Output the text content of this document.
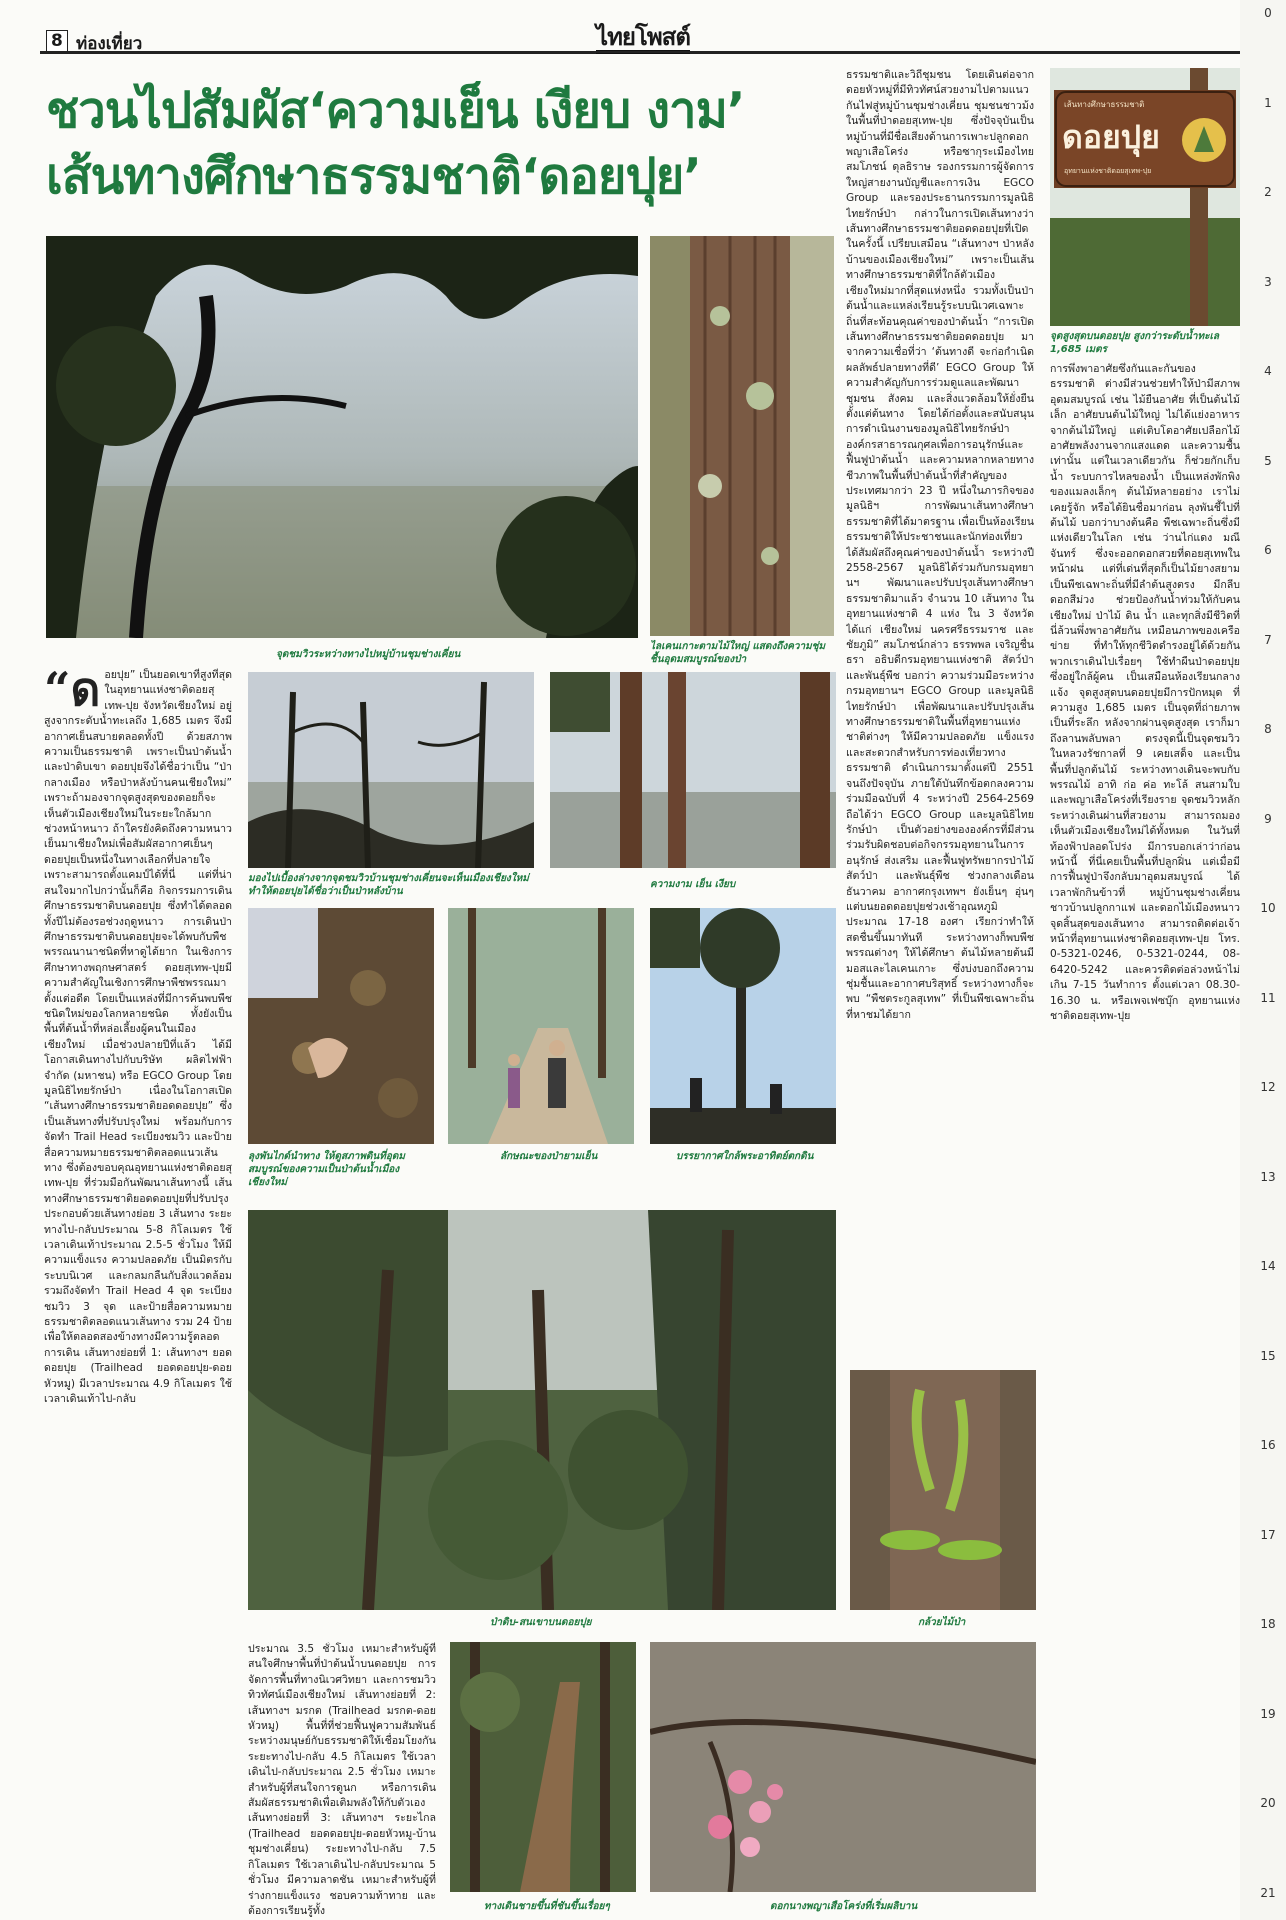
8 ท่องเที่ยว	ไทยโพสต์
ชวนไปสัมผัส‘ความเย็น เงียบ งาม’
เส้นทางศึกษาธรรมชาติ‘ดอยปุย’
จุดชมวิวระหว่างทางไปหมู่บ้านชุมช่างเคี่ยน
ไลเคนเกาะตามไม้ใหญ่ แสดงถึงความชุ่มชื้นอุดมสมบูรณ์ของป่า
เส้นทางศึกษาธรรมชาติ
ดอยปุย
อุทยานแห่งชาติดอยสุเทพ-ปุย
จุดสูงสุดบนดอยปุย สูงกว่าระดับน้ำทะเล 1,685 เมตร
มองไปเบื้องล่างจากจุดชมวิวบ้านชุมช่างเคี่ยนจะเห็นเมืองเชียงใหม่ ทำให้ดอยปุยได้ชื่อว่าเป็นป่าหลังบ้าน
ความงาม เย็น เงียบ
ลุงพันไกด์นำทาง ให้ดูสภาพดินที่อุดมสมบูรณ์ของความเป็นป่าต้นน้ำเมืองเชียงใหม่
ลักษณะของป่ายามเย็น	บรรยากาศใกล้พระอาทิตย์ตกดิน
ป่าดิบ-สนเขาบนดอยปุย	กล้วยไม้ป่า
ทางเดินชายขึ้นที่ชันขึ้นเรื่อยๆ	ดอกนางพญาเสือโคร่งที่เริ่มผลิบาน
“ดอยปุย” เป็นยอดเขาที่สูงที่สุดในอุทยานแห่งชาติดอยสุเทพ-ปุย จังหวัดเชียงใหม่ อยู่สูงจากระดับน้ำทะเลถึง 1,685 เมตร จึงมีอากาศเย็นสบายตลอดทั้งปี ด้วยสภาพความเป็นธรรมชาติ เพราะเป็นป่าต้นน้ำ และป่าดิบเขา ดอยปุยจึงได้ชื่อว่าเป็น “ป่ากลางเมือง หรือป่าหลังบ้านคนเชียงใหม่” เพราะถ้ามองจากจุดสูงสุดของดอยก็จะเห็นตัวเมืองเชียงใหม่ในระยะใกล้มาก ช่วงหน้าหนาว ถ้าใครยังคิดถึงความหนาวเย็นมาเชียงใหม่เพื่อสัมผัสอากาศเย็นๆ ดอยปุยเป็นหนึ่งในทางเลือกที่ปลายใจ เพราะสามารถตั้งแคมป์ได้ที่นี่ แต่ที่น่าสนใจมากไปกว่านั้นก็คือ กิจกรรมการเดินศึกษาธรรมชาติบนดอยปุย ซึ่งทำได้ตลอดทั้งปีไม่ต้องรอช่วงฤดูหนาว การเดินป่าศึกษาธรรมชาติบนดอยปุยจะได้พบกับพืชพรรณนานาชนิดที่หาดูได้ยาก ในเชิงการศึกษาทางพฤกษศาสตร์ ดอยสุเทพ-ปุยมีความสำคัญในเชิงการศึกษาพืชพรรณมาตั้งแต่อดีต โดยเป็นแหล่งที่มีการค้นพบพืชชนิดใหม่ของโลกหลายชนิด ทั้งยังเป็นพื้นที่ต้นน้ำที่หล่อเลี้ยงผู้คนในเมืองเชียงใหม่ เมื่อช่วงปลายปีที่แล้ว ได้มีโอกาสเดินทางไปกับบริษัท ผลิตไฟฟ้า จำกัด (มหาชน) หรือ EGCO Group โดย มูลนิธิไทยรักษ์ป่า เนื่องในโอกาสเปิด “เส้นทางศึกษาธรรมชาติยอดดอยปุย” ซึ่งเป็นเส้นทางที่ปรับปรุงใหม่ พร้อมกับการจัดทำ Trail Head ระเบียงชมวิว และป้ายสื่อความหมายธรรมชาติตลอดแนวเส้นทาง ซึ่งต้องขอบคุณอุทยานแห่งชาติดอยสุเทพ-ปุย ที่ร่วมมือกันพัฒนาเส้นทางนี้ เส้นทางศึกษาธรรมชาติยอดดอยปุยที่ปรับปรุงประกอบด้วยเส้นทางย่อย 3 เส้นทาง ระยะทางไป-กลับประมาณ 5-8 กิโลเมตร ใช้เวลาเดินเท้าประมาณ 2.5-5 ชั่วโมง ให้มีความแข็งแรง ความปลอดภัย เป็นมิตรกับระบบนิเวศ และกลมกลืนกับสิ่งแวดล้อม รวมถึงจัดทำ Trail Head 4 จุด ระเบียงชมวิว 3 จุด และป้ายสื่อความหมายธรรมชาติตลอดแนวเส้นทาง รวม 24 ป้าย เพื่อให้ตลอดสองข้างทางมีความรู้ตลอดการเดิน เส้นทางย่อยที่ 1: เส้นทางฯ ยอดดอยปุย (Trailhead ยอดดอยปุย-ดอยหัวหมู) มีเวลาประมาณ 4.9 กิโลเมตร ใช้เวลาเดินเท้าไป-กลับ
ธรรมชาติและวิถีชุมชน โดยเดินต่อจากดอยหัวหมู่ที่มีทิวทัศน์สวยงามไปตามแนวกันไฟสู่หมู่บ้านชุมช่างเคี่ยน ชุมชนชาวม้งในพื้นที่ป่าดอยสุเทพ-ปุย ซึ่งปัจจุบันเป็นหมู่บ้านที่มีชื่อเสียงด้านการเพาะปลูกดอกพญาเสือโคร่ง หรือซากุระเมืองไทย สมโภชน์ ดุลธิราษ รองกรรมการผู้จัดการใหญ่สายงานบัญชีและการเงิน EGCO Group และรองประธานกรรมการมูลนิธิไทยรักษ์ป่า กล่าวในการเปิดเส้นทางว่า เส้นทางศึกษาธรรมชาติยอดดอยปุยที่เปิดในครั้งนี้ เปรียบเสมือน “เส้นทางฯ ป่าหลังบ้านของเมืองเชียงใหม่” เพราะเป็นเส้นทางศึกษาธรรมชาติที่ใกล้ตัวเมืองเชียงใหม่มากที่สุดแห่งหนึ่ง รวมทั้งเป็นป่าต้นน้ำและแหล่งเรียนรู้ระบบนิเวศเฉพาะถิ่นที่สะท้อนคุณค่าของป่าต้นน้ำ “การเปิดเส้นทางศึกษาธรรมชาติยอดดอยปุย มาจากความเชื่อที่ว่า ‘ต้นทางดี จะก่อกำเนิดผลลัพธ์ปลายทางที่ดี’ EGCO Group ให้ความสำคัญกับการร่วมดูแลและพัฒนาชุมชน สังคม และสิ่งแวดล้อมให้ยั่งยืนตั้งแต่ต้นทาง โดยได้ก่อตั้งและสนับสนุนการดำเนินงานของมูลนิธิไทยรักษ์ป่า องค์กรสาธารณกุศลเพื่อการอนุรักษ์และฟื้นฟูป่าต้นน้ำ และความหลากหลายทางชีวภาพในพื้นที่ป่าต้นน้ำที่สำคัญของประเทศมากว่า 23 ปี หนึ่งในภารกิจของมูลนิธิฯ การพัฒนาเส้นทางศึกษาธรรมชาติที่ได้มาตรฐาน เพื่อเป็นห้องเรียนธรรมชาติให้ประชาชนและนักท่องเที่ยวได้สัมผัสถึงคุณค่าของป่าต้นน้ำ ระหว่างปี 2558-2567 มูลนิธิได้ร่วมกับกรมอุทยานฯ พัฒนาและปรับปรุงเส้นทางศึกษาธรรมชาติมาแล้ว จำนวน 10 เส้นทาง ในอุทยานแห่งชาติ 4 แห่ง ใน 3 จังหวัด ได้แก่ เชียงใหม่ นครศรีธรรมราช และชัยภูมิ” สมโภชน์กล่าว ธรรพพล เจริญชื่นธรา อธิบดีกรมอุทยานแห่งชาติ สัตว์ป่า และพันธุ์พืช บอกว่า ความร่วมมือระหว่าง กรมอุทยานฯ EGCO Group และมูลนิธิไทยรักษ์ป่า เพื่อพัฒนาและปรับปรุงเส้นทางศึกษาธรรมชาติในพื้นที่อุทยานแห่งชาติต่างๆ ให้มีความปลอดภัย แข็งแรง และสะดวกสำหรับการท่องเที่ยวทางธรรมชาติ ดำเนินการมาตั้งแต่ปี 2551 จนถึงปัจจุบัน ภายใต้บันทึกข้อตกลงความร่วมมือฉบับที่ 4 ระหว่างปี 2564-2569 ถือได้ว่า EGCO Group และมูลนิธิไทยรักษ์ป่า เป็นตัวอย่างขององค์กรที่มีส่วนร่วมรับผิดชอบต่อกิจกรรมอุทยานในการอนุรักษ์ ส่งเสริม และฟื้นฟูทรัพยากรป่าไม้ สัตว์ป่า และพันธุ์พืช ช่วงกลางเดือนธันวาคม อากาศกรุงเทพฯ ยังเย็นๆ อุ่นๆ แต่บนยอดดอยปุยช่วงเช้าอุณหภูมิประมาณ 17-18 องศา เรียกว่าทำให้สดชื่นขึ้นมาทันที ระหว่างทางก็พบพืชพรรณต่างๆ ให้ได้ศึกษา ต้นไม้หลายต้นมีมอสและไลเคนเกาะ ซึ่งบ่งบอกถึงความชุ่มชื้นและอากาศบริสุทธิ์ ระหว่างทางก็จะพบ “พืชตระกูลสุเทพ” ที่เป็นพืชเฉพาะถิ่นที่หาชมได้ยาก
ประมาณ 3.5 ชั่วโมง เหมาะสำหรับผู้ที่สนใจศึกษาพื้นที่ป่าต้นน้ำบนดอยปุย การจัดการพื้นที่ทางนิเวศวิทยา และการชมวิวทิวทัศน์เมืองเชียงใหม่ เส้นทางย่อยที่ 2: เส้นทางฯ มรกต (Trailhead มรกต-ดอยหัวหมู) พื้นที่ที่ช่วยฟื้นฟูความสัมพันธ์ระหว่างมนุษย์กับธรรมชาติให้เชื่อมโยงกัน ระยะทางไป-กลับ 4.5 กิโลเมตร ใช้เวลาเดินไป-กลับประมาณ 2.5 ชั่วโมง เหมาะสำหรับผู้ที่สนใจการดูนก หรือการเดินสัมผัสธรรมชาติเพื่อเติมพลังให้กับตัวเอง เส้นทางย่อยที่ 3: เส้นทางฯ ระยะไกล (Trailhead ยอดดอยปุย-ดอยหัวหมู-บ้านชุมช่างเคี่ยน) ระยะทางไป-กลับ 7.5 กิโลเมตร ใช้เวลาเดินไป-กลับประมาณ 5 ชั่วโมง มีความลาดชัน เหมาะสำหรับผู้ที่ร่างกายแข็งแรง ชอบความท้าทาย และต้องการเรียนรู้ทั้ง
การพึ่งพาอาศัยซึ่งกันและกันของธรรมชาติ ต่างมีส่วนช่วยทำให้ป่ามีสภาพอุดมสมบูรณ์ เช่น ไม้ยืนอาศัย ที่เป็นต้นไม้เล็ก อาศัยบนต้นไม้ใหญ่ ไม่ได้แย่งอาหารจากต้นไม้ใหญ่ แต่เติบโตอาศัยเปลือกไม้ อาศัยพลังงานจากแสงแดด และความชื้นเท่านั้น แต่ในเวลาเดียวกัน ก็ช่วยกักเก็บน้ำ ระบบการไหลของน้ำ เป็นแหล่งพักพิงของแมลงเล็กๆ ต้นไม้หลายอย่าง เราไม่เคยรู้จัก หรือได้ยินชื่อมาก่อน ลุงพันชี้ไปที่ต้นไม้ บอกว่าบางต้นคือ พืชเฉพาะถิ่นซึ่งมีแห่งเดียวในโลก เช่น ว่านไก่แดง มณีจันทร์ ซึ่งจะออกดอกสวยที่ดอยสุเทพในหน้าฝน แต่ที่เด่นที่สุดก็เป็นไม้ยางสยาม เป็นพืชเฉพาะถิ่นที่มีลำต้นสูงตรง มีกลีบดอกสีม่วง ช่วยป้องกันน้ำท่วมให้กับคนเชียงใหม่ ป่าไม้ ดิน น้ำ และทุกสิ่งมีชีวิตที่นี่ล้วนพึ่งพาอาศัยกัน เหมือนภาพของเครือข่าย ที่ทำให้ทุกชีวิตดำรงอยู่ได้ด้วยกัน พวกเราเดินไปเรื่อยๆ ใช้ทำผืนป่าดอยปุยซึ่งอยู่ใกล้ผู้คน เป็นเสมือนห้องเรียนกลางแจ้ง จุดสูงสุดบนดอยปุยมีการปักหมุด ที่ความสูง 1,685 เมตร เป็นจุดที่ถ่ายภาพเป็นที่ระลึก หลังจากผ่านจุดสูงสุด เราก็มาถึงลานพลับพลา ตรงจุดนี้เป็นจุดชมวิว ในหลวงรัชกาลที่ 9 เคยเสด็จ และเป็นพื้นที่ปลูกต้นไม้ ระหว่างทางเดินจะพบกับพรรณไม้ อาทิ ก่อ ค่อ ทะโล้ สนสามใบ และพญาเสือโคร่งที่เรียงราย จุดชมวิวหลักระหว่างเดินผ่านที่สวยงาม สามารถมองเห็นตัวเมืองเชียงใหม่ได้ทั้งหมด ในวันที่ท้องฟ้าปลอดโปร่ง มีการบอกเล่าว่าก่อนหน้านี้ ที่นี่เคยเป็นพื้นที่ปลูกฝิ่น แต่เมื่อมีการฟื้นฟูป่าจึงกลับมาอุดมสมบูรณ์ ได้เวลาพักกินข้าวที่ หมู่บ้านชุมช่างเคี่ยน ชาวบ้านปลูกกาแฟ และดอกไม้เมืองหนาว จุดสิ้นสุดของเส้นทาง สามารถติดต่อเจ้าหน้าที่อุทยานแห่งชาติดอยสุเทพ-ปุย โทร. 0-5321-0246, 0-5321-0244, 08-6420-5242 และควรติดต่อล่วงหน้าไม่เกิน 7-15 วันทำการ ตั้งแต่เวลา 08.30-16.30 น. หรือเพจเฟซบุ๊ก อุทยานแห่งชาติดอยสุเทพ-ปุย
0
1
2
3
4
5
6
7
8
9
10
11
12
13
14
15
16
17
18
19
20
21
